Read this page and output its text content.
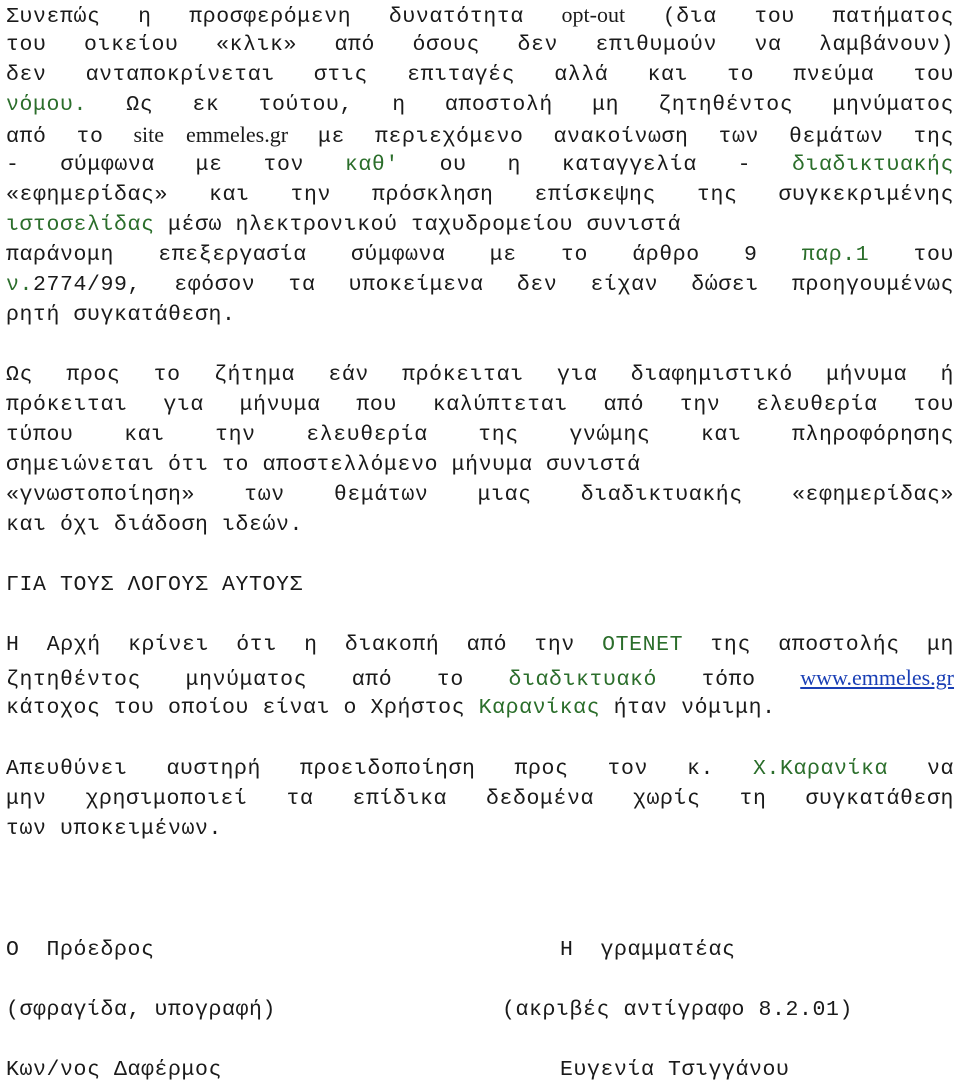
Συνεπώς η προσφερόμενη δυνατότητα opt-out (δια του πατήματος
του οικείου «κλικ» από όσους δεν επιθυμούν να λαμβάνουν)
δεν ανταποκρίνεται στις επιταγές αλλά και το πνεύμα του
νόμου. Ως εκ τούτου, η αποστολή μη ζητηθέντος μηνύματος
από το site emmeles.gr με περιεχόμενο ανακοίνωση των θεμάτων της
- σύμφωνα με τον καθ' ου η καταγγελία - διαδικτυακής
«εφημερίδας» και την πρόσκληση επίσκεψης της συγκεκριμένης
ιστοσελίδας μέσω ηλεκτρονικού ταχυδρομείου συνιστά
παράνομη επεξεργασία σύμφωνα με το άρθρο 9 παρ.1 του
ν.2774/99, εφόσον τα υποκείμενα δεν είχαν δώσει προηγουμένως
ρητή συγκατάθεση.
Ως προς το ζήτημα εάν πρόκειται για διαφημιστικό μήνυμα ή
πρόκειται για μήνυμα που καλύπτεται από την ελευθερία του
τύπου και την ελευθερία της γνώμης και πληροφόρησης
σημειώνεται ότι το αποστελλόμενο μήνυμα συνιστά
«γνωστοποίηση» των θεμάτων μιας διαδικτυακής «εφημερίδας»
και όχι διάδοση ιδεών.
ΓΙΑ ΤΟΥΣ ΛΟΓΟΥΣ ΑΥΤΟΥΣ
Η Αρχή κρίνει ότι η διακοπή από την OTENET της αποστολής μη
ζητηθέντος μηνύματος από το διαδικτυακό τόπο www.emmeles.gr
κάτοχος του οποίου είναι ο Χρήστος Καρανίκας ήταν νόμιμη.
Απευθύνει αυστηρή προειδοποίηση προς τον κ. Χ.Καρανίκα να
μην χρησιμοποιεί τα επίδικα δεδομένα χωρίς τη συγκατάθεση
των υποκειμένων.
Ο  Πρόεδρος	Η  γραμματέας
(σφραγίδα, υπογραφή)	(ακριβές αντίγραφο 8.2.01)
Κων/νος Δαφέρμος	Ευγενία Τσιγγάνου
